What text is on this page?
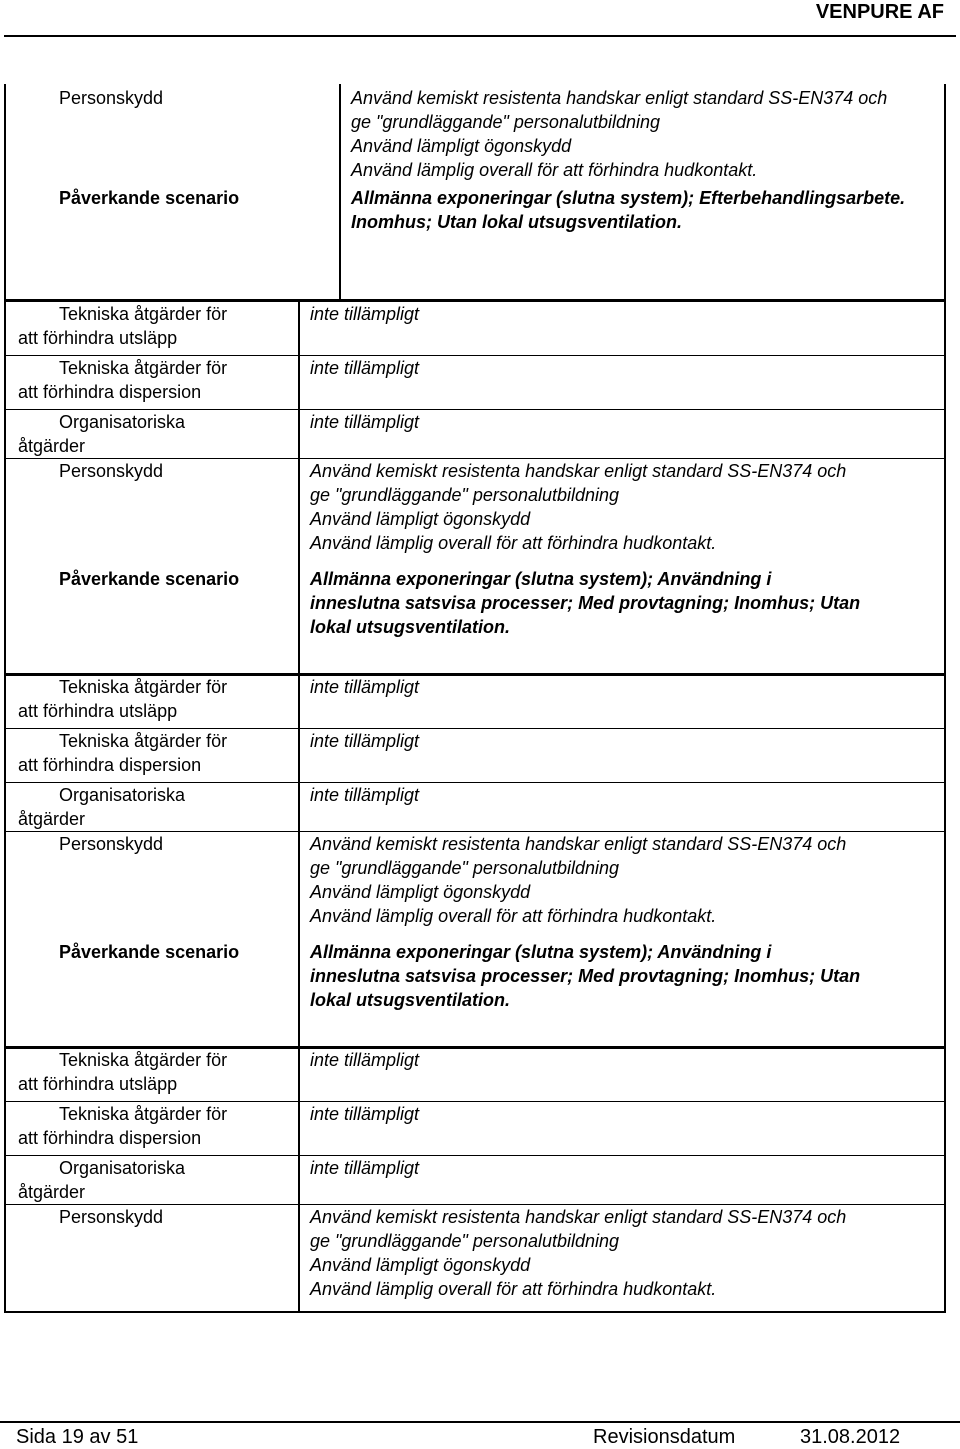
VENPURE AF
Personskydd	Använd kemiskt resistenta handskar enligt standard SS-EN374 och
ge "grundläggande" personalutbildning
Använd lämpligt ögonskydd
Använd lämplig overall för att förhindra hudkontakt.

Påverkande scenario	Allmänna exponeringar (slutna system); Efterbehandlingsarbete.
Inomhus; Utan lokal utsugsventilation.
Tekniska åtgärder för
att förhindra utsläpp	inte tillämpligt

Tekniska åtgärder för
att förhindra dispersion	inte tillämpligt

Organisatoriska
åtgärder	inte tillämpligt
Personskydd	Använd kemiskt resistenta handskar enligt standard SS-EN374 och
ge "grundläggande" personalutbildning
Använd lämpligt ögonskydd
Använd lämplig overall för att förhindra hudkontakt.

Påverkande scenario	Allmänna exponeringar (slutna system); Användning i
inneslutna satsvisa processer; Med provtagning; Inomhus; Utan
lokal utsugsventilation.
Tekniska åtgärder för
att förhindra utsläpp	inte tillämpligt

Tekniska åtgärder för
att förhindra dispersion	inte tillämpligt

Organisatoriska
åtgärder	inte tillämpligt
Personskydd	Använd kemiskt resistenta handskar enligt standard SS-EN374 och
ge "grundläggande" personalutbildning
Använd lämpligt ögonskydd
Använd lämplig overall för att förhindra hudkontakt.

Påverkande scenario	Allmänna exponeringar (slutna system); Användning i
inneslutna satsvisa processer; Med provtagning; Inomhus; Utan
lokal utsugsventilation.
Tekniska åtgärder för
att förhindra utsläpp	inte tillämpligt

Tekniska åtgärder för
att förhindra dispersion	inte tillämpligt

Organisatoriska
åtgärder	inte tillämpligt
Personskydd	Använd kemiskt resistenta handskar enligt standard SS-EN374 och
ge "grundläggande" personalutbildning
Använd lämpligt ögonskydd
Använd lämplig overall för att förhindra hudkontakt.
Sida 19 av 51	Revisionsdatum	31.08.2012
